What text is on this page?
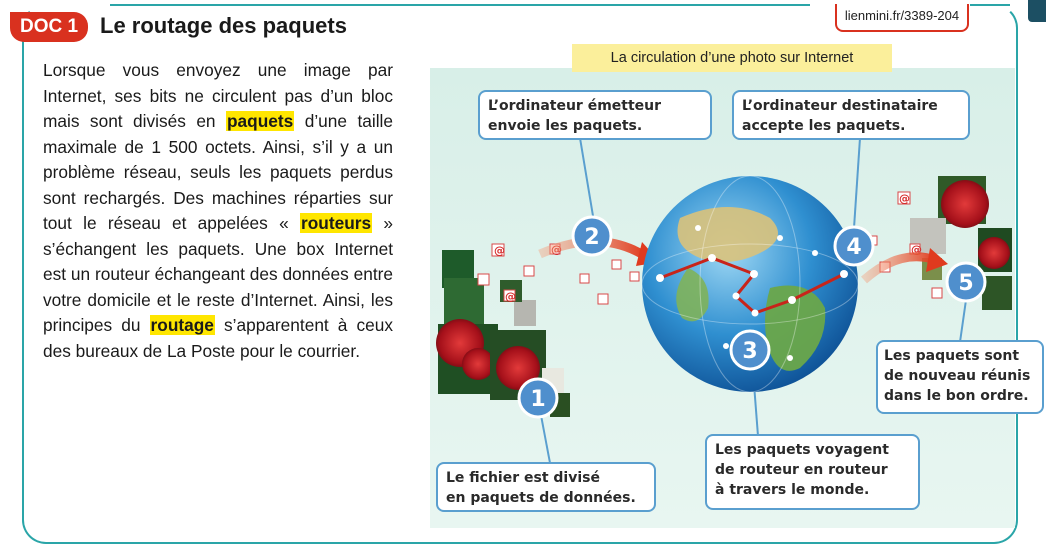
DOC 1 Le routage des paquets	lienmini.fr/3389-204
Lorsque vous envoyez une image par Internet, ses bits ne circulent pas d’un bloc mais sont divisés en paquets d’une taille maximale de 1 500 octets. Ainsi, s’il y a un problème réseau, seuls les paquets perdus sont rechargés. Des machines réparties sur tout le réseau et appelées « routeurs » s’échangent les paquets. Une box Internet est un routeur échangeant des données entre votre domicile et le reste d’Internet. Ainsi, les principes du routage s’apparentent à ceux des bureaux de La Poste pour le courrier.
@
@
@
@
@
2	4
5
3
1
La circulation d’une photo sur Internet
L’ordinateur émetteur
envoie les paquets.
L’ordinateur destinataire
accepte les paquets.
Les paquets sont
de nouveau réunis
dans le bon ordre.
Les paquets voyagent
de routeur en routeur
à travers le monde.
Le fichier est divisé
en paquets de données.
